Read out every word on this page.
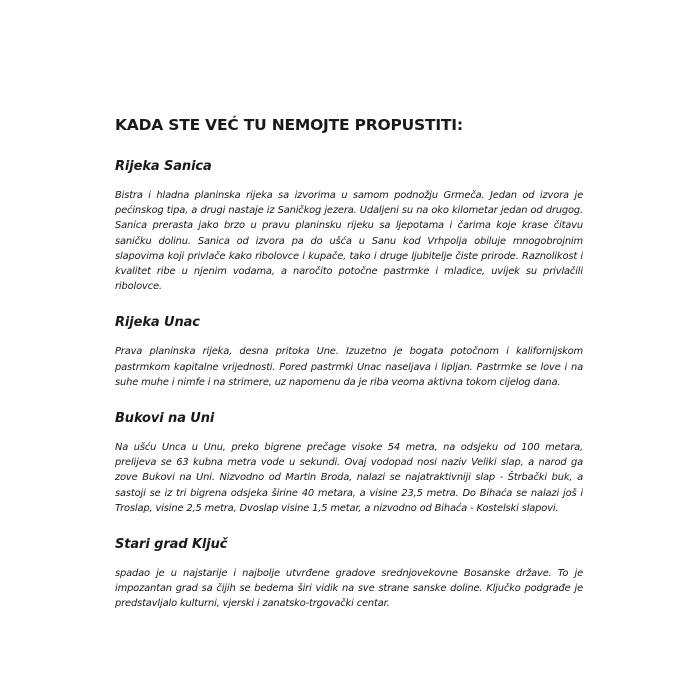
KADA STE VEĆ TU NEMOJTE PROPUSTITI:
Rijeka Sanica

Bistra i hladna planinska rijeka sa izvorima u samom podnožju Grmeča. Jedan od izvora je pećinskog tipa, a drugi nastaje iz Saničkog jezera. Udaljeni su na oko kilometar jedan od drugog. Sanica prerasta jako brzo u pravu planinsku rijeku sa ljepotama i čarima koje krase čitavu saničku dolinu. Sanica od izvora pa do ušća u Sanu kod Vrhpolja obiluje mnogobrojnim slapovima koji privlače kako ribolovce i kupače, tako i druge ljubitelje čiste prirode. Raznolikost i kvalitet ribe u njenim vodama, a naročito potočne pastrmke i mladice, uvijek su privlačili ribolovce.

Rijeka Unac

Prava planinska rijeka, desna pritoka Une. Izuzetno je bogata potočnom i kalifornijskom pastrmkom kapitalne vrijednosti. Pored pastrmki Unac naseljava i lipljan. Pastrmke se love i na suhe muhe i nimfe i na strimere, uz napomenu da je riba veoma aktivna tokom cijelog dana.

Bukovi na Uni

Na ušću Unca u Unu, preko bigrene prečage visoke 54 metra, na odsjeku od 100 metara, prelijeva se 63 kubna metra vode u sekundi. Ovaj vodopad nosi naziv Veliki slap, a narod ga zove Bukovi na Uni. Nizvodno od Martin Broda, nalazi se najatraktivniji slap - Štrbački buk, a sastoji se iz tri bigrena odsjeka širine 40 metara, a visine 23,5 metra. Do Bihaća se nalazi još i Troslap, visine 2,5 metra, Dvoslap visine 1,5 metar, a nizvodno od Bihaća - Kostelski slapovi.

Stari grad Ključ

spadao je u najstarije i najbolje utvrđene gradove srednjovekovne Bosanske države. To je impozantan grad sa čijih se bedema širi vidik na sve strane sanske doline. Ključko podgrađe je predstavljalo kulturni, vjerski i zanatsko-trgovački centar.
